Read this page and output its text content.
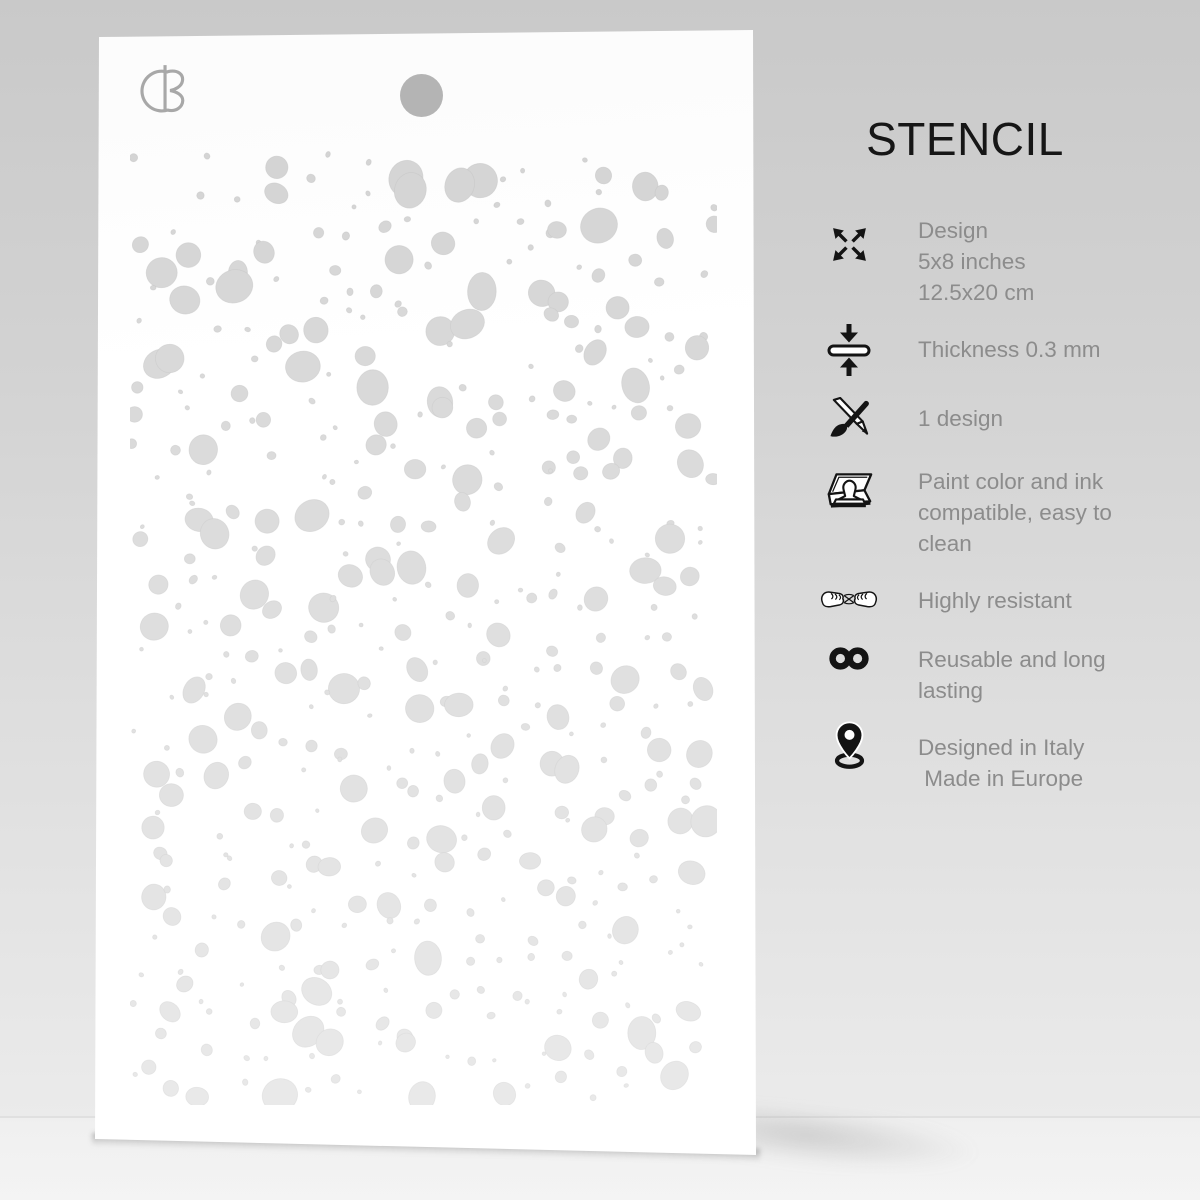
STENCIL
Design
5x8 inches
12.5x20 cm
Thickness 0.3 mm
1 design
Paint color and ink
compatible, easy to
clean
Highly resistant
Reusable and long
lasting
Designed in Italy
Made in Europe
